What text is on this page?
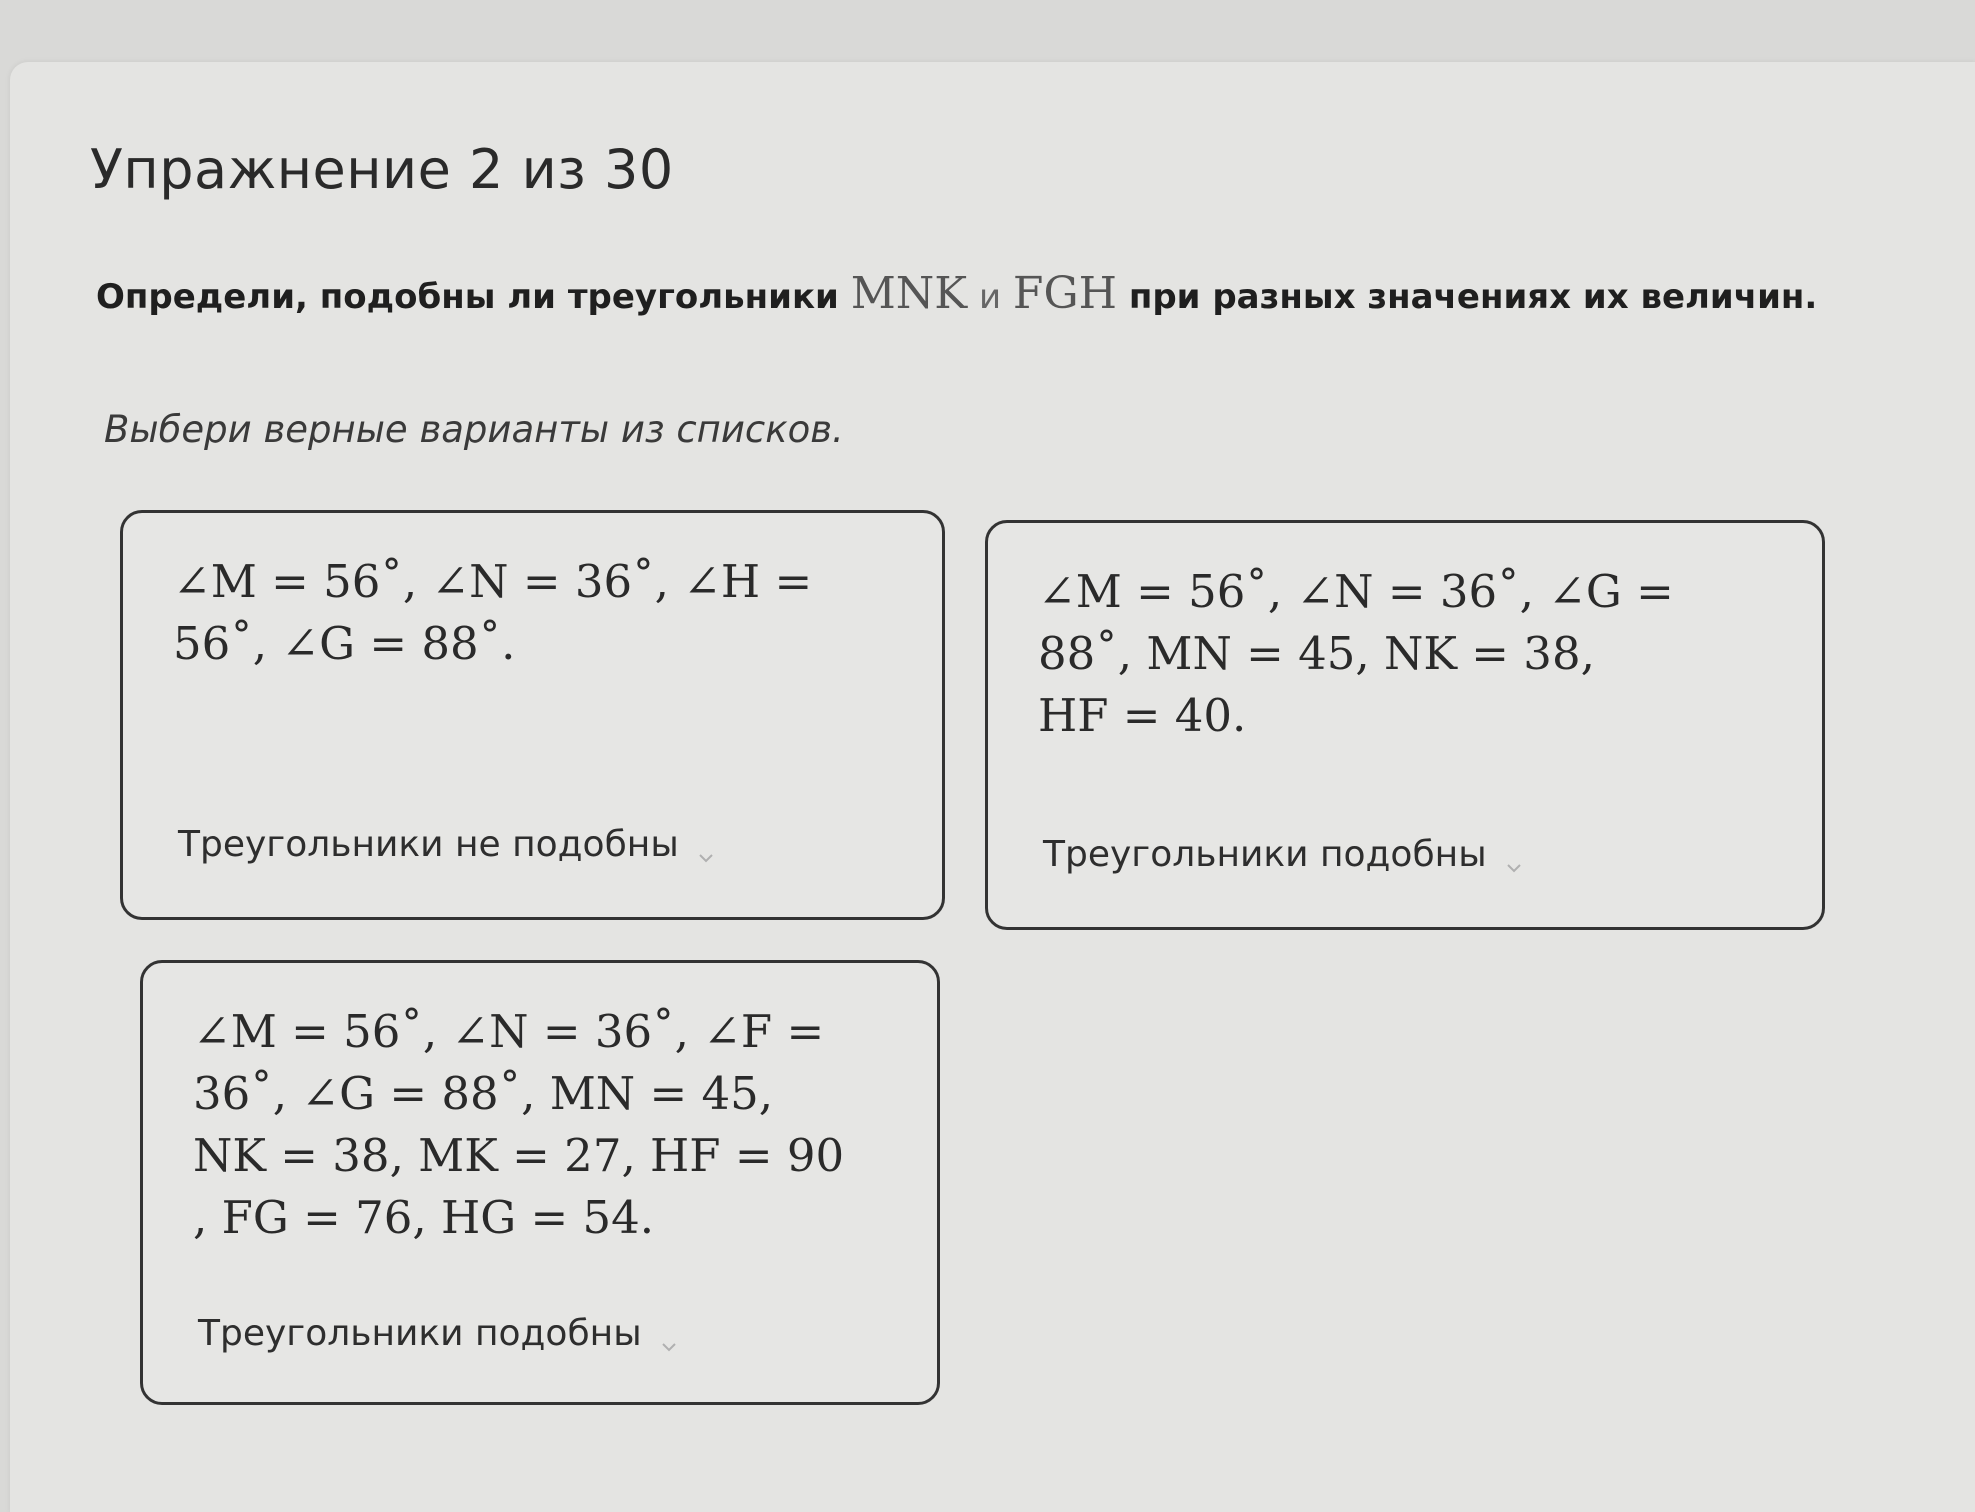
Упражнение 2 из 30
Определи, подобны ли треугольники MNK и FGH при разных значениях их величин.
Выбери верные варианты из списков.
∠M = 56˚, ∠N = 36˚, ∠H =
56˚, ∠G = 88˚.
Треугольники не подобны
∠M = 56˚, ∠N = 36˚, ∠G =
88˚, MN = 45, NK = 38,
HF = 40.
Треугольники подобны
∠M = 56˚, ∠N = 36˚, ∠F =
36˚, ∠G = 88˚, MN = 45,
NK = 38, MK = 27, HF = 90
, FG = 76, HG = 54.
Треугольники подобны
